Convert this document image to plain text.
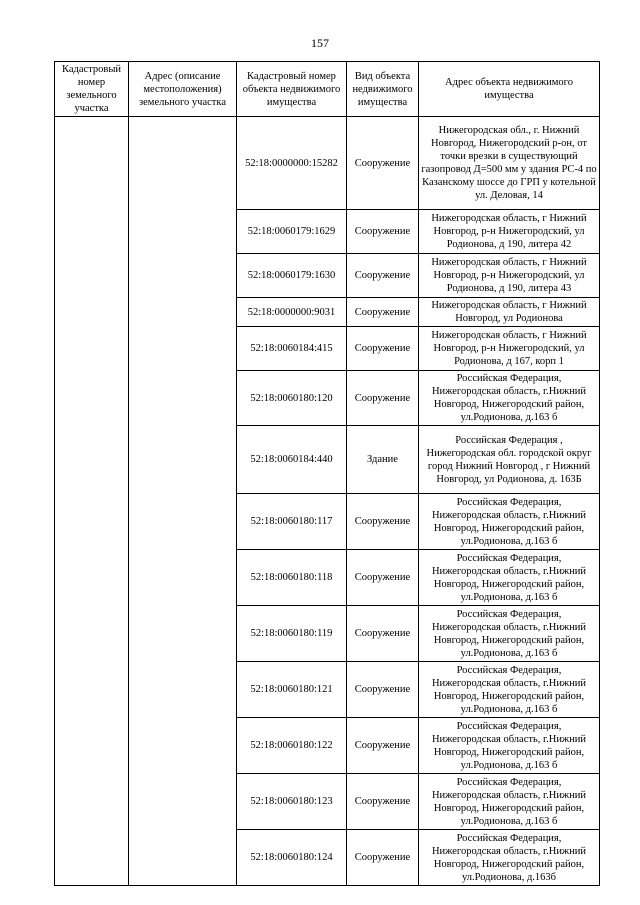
157
Кадастровый номер земельного участка	Адрес (описание местоположения) земельного участка	Кадастровый номер объекта недвижимого имущества	Вид объекта недвижимого имущества	Адрес объекта недвижимого имущества
		52:18:0000000:15282	Сооружение	Нижегородская обл., г. Нижний Новгород, Нижегородский р-он, от точки врезки в существующий газопровод Д=500 мм у здания РС-4 по Казанскому шоссе до ГРП у котельной ул. Деловая, 14
		52:18:0060179:1629	Сооружение	Нижегородская область, г Нижний Новгород, р-н Нижегородский, ул Родионова, д 190, литера 42
		52:18:0060179:1630	Сооружение	Нижегородская область, г Нижний Новгород, р-н Нижегородский, ул Родионова, д 190, литера 43
		52:18:0000000:9031	Сооружение	Нижегородская область, г Нижний Новгород, ул Родионова
		52:18:0060184:415	Сооружение	Нижегородская область, г Нижний Новгород, р-н Нижегородский, ул Родионова, д 167, корп 1
		52:18:0060180:120	Сооружение	Российская Федерация, Нижегородская область, г.Нижний Новгород, Нижегородский район, ул.Родионова, д.163 б
		52:18:0060184:440	Здание	Российская Федерация , Нижегородская обл. городской округ город Нижний Новгород , г Нижний Новгород, ул Родионова, д. 163Б
		52:18:0060180:117	Сооружение	Российская Федерация, Нижегородская область, г.Нижний Новгород, Нижегородский район, ул.Родионова, д.163 б
		52:18:0060180:118	Сооружение	Российская Федерация, Нижегородская область, г.Нижний Новгород, Нижегородский район, ул.Родионова, д.163 б
		52:18:0060180:119	Сооружение	Российская Федерация, Нижегородская область, г.Нижний Новгород, Нижегородский район, ул.Родионова, д.163 б
		52:18:0060180:121	Сооружение	Российская Федерация, Нижегородская область, г.Нижний Новгород, Нижегородский район, ул.Родионова, д.163 б
		52:18:0060180:122	Сооружение	Российская Федерация, Нижегородская область, г.Нижний Новгород, Нижегородский район, ул.Родионова, д.163 б
		52:18:0060180:123	Сооружение	Российская Федерация, Нижегородская область, г.Нижний Новгород, Нижегородский район, ул.Родионова, д.163 б
		52:18:0060180:124	Сооружение	Российская Федерация, Нижегородская область, г.Нижний Новгород, Нижегородский район, ул.Родионова, д.163б
